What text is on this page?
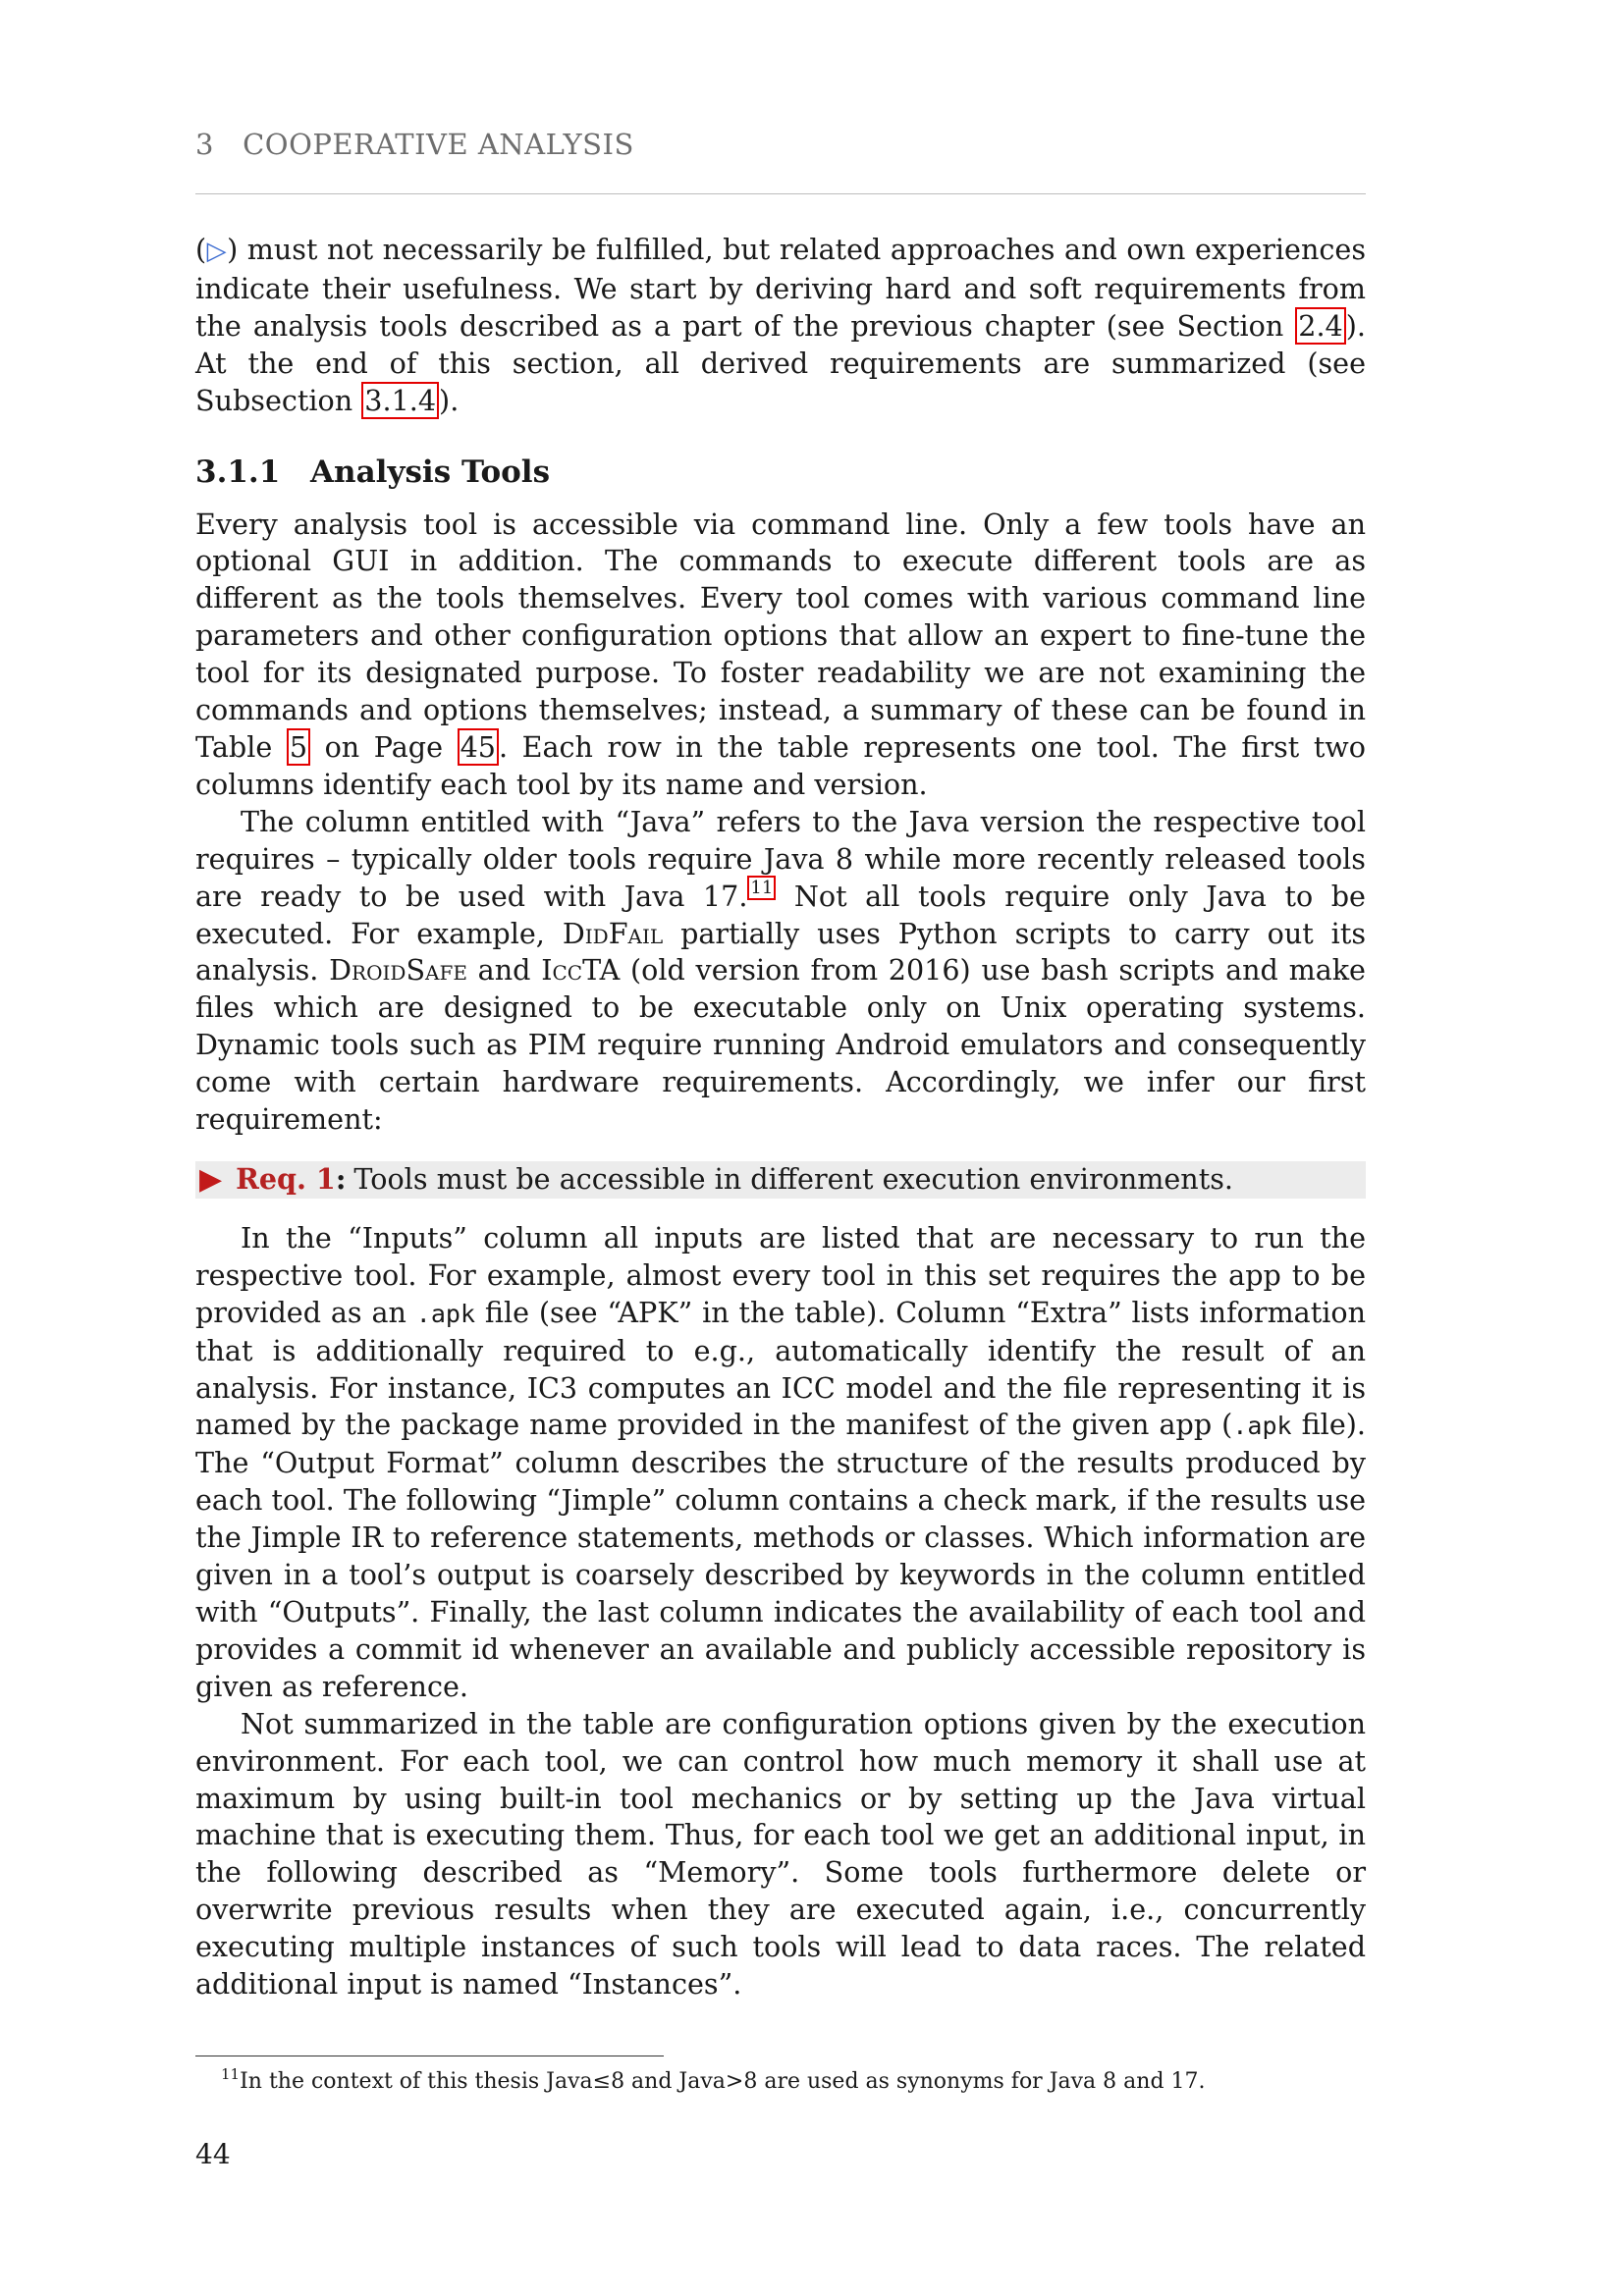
3 COOPERATIVE ANALYSIS

(▷) must not necessarily be fulfilled, but related approaches and own experiences indicate their usefulness. We start by deriving hard and soft requirements from the analysis tools described as a part of the previous chapter (see Section 2.4 ). At the end of this section, all derived requirements are summarized (see Subsection 3.1.4 ).

3.1.1 Analysis Tools

Every analysis tool is accessible via command line. Only a few tools have an optional GUI in addition. The commands to execute different tools are as different as the tools themselves. Every tool comes with various command line parameters and other configuration options that allow an expert to fine-tune the tool for its designated purpose. To foster readability we are not examining the commands and options themselves; instead, a summary of these can be found in Table 5 on Page 45 . Each row in the table represents one tool. The first two columns identify each tool by its name and version.

The column entitled with “Java” refers to the Java version the respective tool requires – typically older tools require Java 8 while more recently released tools are ready to be used with Java 17. $^{11}$ Not all tools require only Java to be executed. For example, DidFail partially uses Python scripts to carry out its analysis. DroidSafe and IccTA (old version from 2016) use bash scripts and make files which are designed to be executable only on Unix operating systems. Dynamic tools such as PIM require running Android emulators and consequently come with certain hardware requirements. Accordingly, we infer our first requirement:

▶ Req. 1 : Tools must be accessible in different execution environments.

In the “Inputs” column all inputs are listed that are necessary to run the respective tool. For example, almost every tool in this set requires the app to be provided as an .apk file (see “APK” in the table). Column “Extra” lists information that is additionally required to e.g., automatically identify the result of an analysis. For instance, IC3 computes an ICC model and the file representing it is named by the package name provided in the manifest of the given app (.apk file). The “Output Format” column describes the structure of the results produced by each tool. The following “Jimple” column contains a check mark, if the results use the Jimple IR to reference statements, methods or classes. Which information are given in a tool’s output is coarsely described by keywords in the column entitled with “Outputs”. Finally, the last column indicates the availability of each tool and provides a commit id whenever an available and publicly accessible repository is given as reference.

Not summarized in the table are configuration options given by the execution environment. For each tool, we can control how much memory it shall use at maximum by using built-in tool mechanics or by setting up the Java virtual machine that is executing them. Thus, for each tool we get an additional input, in the following described as “Memory”. Some tools furthermore delete or overwrite previous results when they are executed again, i.e., concurrently executing multiple instances of such tools will lead to data races. The related additional input is named “Instances”.

$^{11}$In the context of this thesis Java≤8 and Java>8 are used as synonyms for Java 8 and 17.
44
